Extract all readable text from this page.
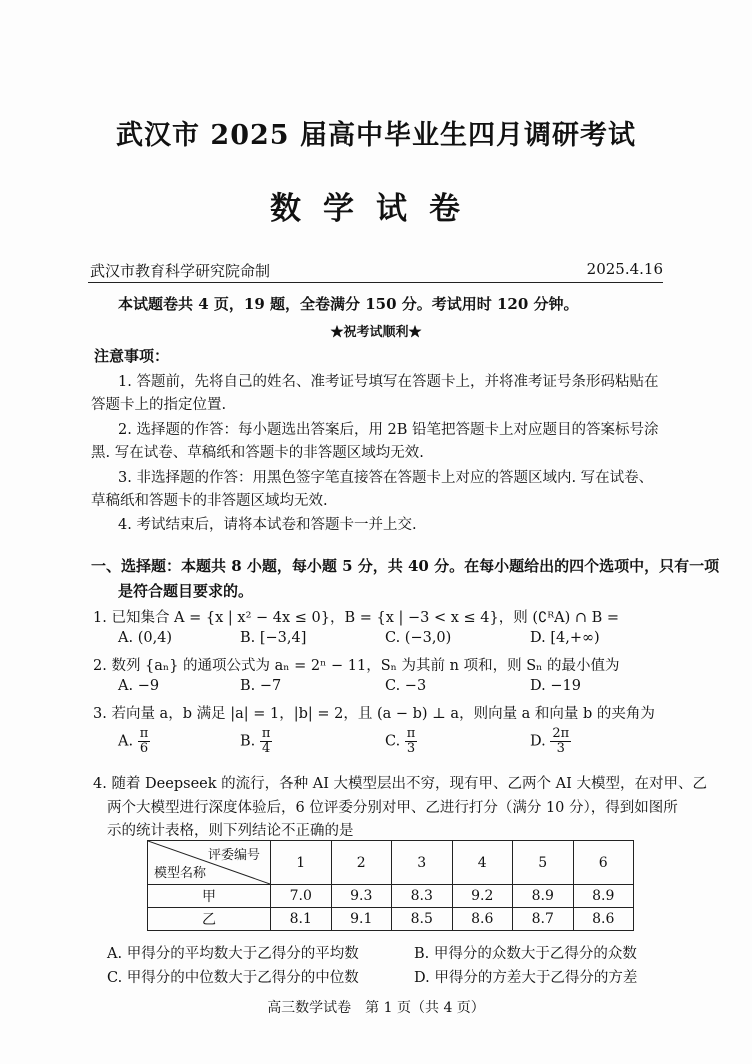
武汉市 2025 届高中毕业生四月调研考试
数学试卷
武汉市教育科学研究院命制	2025.4.16
本试题卷共 4 页，19 题，全卷满分 150 分。考试用时 120 分钟。
★祝考试顺利★
注意事项：
1. 答题前，先将自己的姓名、准考证号填写在答题卡上，并将准考证号条形码粘贴在
答题卡上的指定位置.
2. 选择题的作答：每小题选出答案后，用 2B 铅笔把答题卡上对应题目的答案标号涂
黑. 写在试卷、草稿纸和答题卡的非答题区域均无效.
3. 非选择题的作答：用黑色签字笔直接答在答题卡上对应的答题区域内. 写在试卷、
草稿纸和答题卡的非答题区域均无效.
4. 考试结束后，请将本试卷和答题卡一并上交.
一、选择题：本题共 8 小题，每小题 5 分，共 40 分。在每小题给出的四个选项中，只有一项
是符合题目要求的。
1. 已知集合 A = {x | x² − 4x ≤ 0}，B = {x | −3 < x ≤ 4}，则 (∁ᴿA) ∩ B =
A. (0,4)	B. [−3,4]	C. (−3,0)	D. [4,+∞)
2. 数列 {aₙ} 的通项公式为 aₙ = 2ⁿ − 11，Sₙ 为其前 n 项和，则 Sₙ 的最小值为
A. −9	B. −7	C. −3	D. −19
3. 若向量 a，b 满足 |a| = 1，|b| = 2，且 (a − b) ⊥ a，则向量 a 和向量 b 的夹角为
A. $\frac{\pi}{6}$	B. $\frac{\pi}{4}$	C. $\frac{\pi}{3}$	D. $\frac{2\pi}{3}$
4. 随着 Deepseek 的流行，各种 AI 大模型层出不穷，现有甲、乙两个 AI 大模型，在对甲、乙
两个大模型进行深度体验后，6 位评委分别对甲、乙进行打分（满分 10 分），得到如图所
示的统计表格，则下列结论不正确的是
评委编号
模型名称	1	2	3	4	5	6
甲	7.0	9.3	8.3	9.2	8.9	8.9
乙	8.1	9.1	8.5	8.6	8.7	8.6
A. 甲得分的平均数大于乙得分的平均数	B. 甲得分的众数大于乙得分的众数
C. 甲得分的中位数大于乙得分的中位数	D. 甲得分的方差大于乙得分的方差
高三数学试卷　第 1 页（共 4 页）
